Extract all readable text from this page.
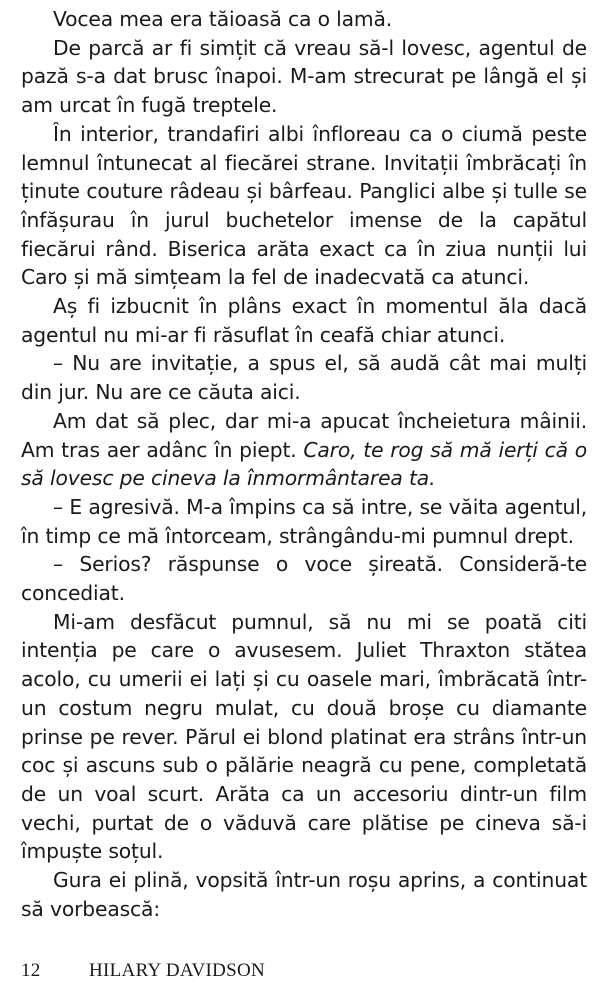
Vocea mea era tăioasă ca o lamă.

De parcă ar fi simțit că vreau să-l lovesc, agentul de pază s-a dat brusc înapoi. M-am strecurat pe lângă el și am urcat în fugă treptele.

În interior, trandafiri albi înfloreau ca o ciumă peste lemnul întunecat al fiecărei strane. Invitații îmbrăcați în ținute couture râdeau și bârfeau. Panglici albe și tulle se înfășurau în jurul buchetelor imense de la capătul fiecărui rând. Biserica arăta exact ca în ziua nunții lui Caro și mă simțeam la fel de inadecvată ca atunci.

Aș fi izbucnit în plâns exact în momentul ăla dacă agentul nu mi-ar fi răsuflat în ceafă chiar atunci.

– Nu are invitație, a spus el, să audă cât mai mulți din jur. Nu are ce căuta aici.

Am dat să plec, dar mi-a apucat încheietura mâinii. Am tras aer adânc în piept. Caro, te rog să mă ierți că o să lovesc pe cineva la înmormântarea ta.

– E agresivă. M-a împins ca să intre, se văita agentul, în timp ce mă întorceam, strângându-mi pumnul drept.

– Serios? răspunse o voce șireată. Consideră-te concediat.

Mi-am desfăcut pumnul, să nu mi se poată citi intenția pe care o avusesem. Juliet Thraxton stătea acolo, cu umerii ei lați și cu oasele mari, îmbrăcată într-un costum negru mulat, cu două broșe cu diamante prinse pe rever. Părul ei blond platinat era strâns într-un coc și ascuns sub o pălărie neagră cu pene, completată de un voal scurt. Arăta ca un accesoriu dintr-un film vechi, purtat de o văduvă care plătise pe cineva să-i împuște soțul.

Gura ei plină, vopsită într-un roșu aprins, a continuat să vorbească:

12	HILARY DAVIDSON
